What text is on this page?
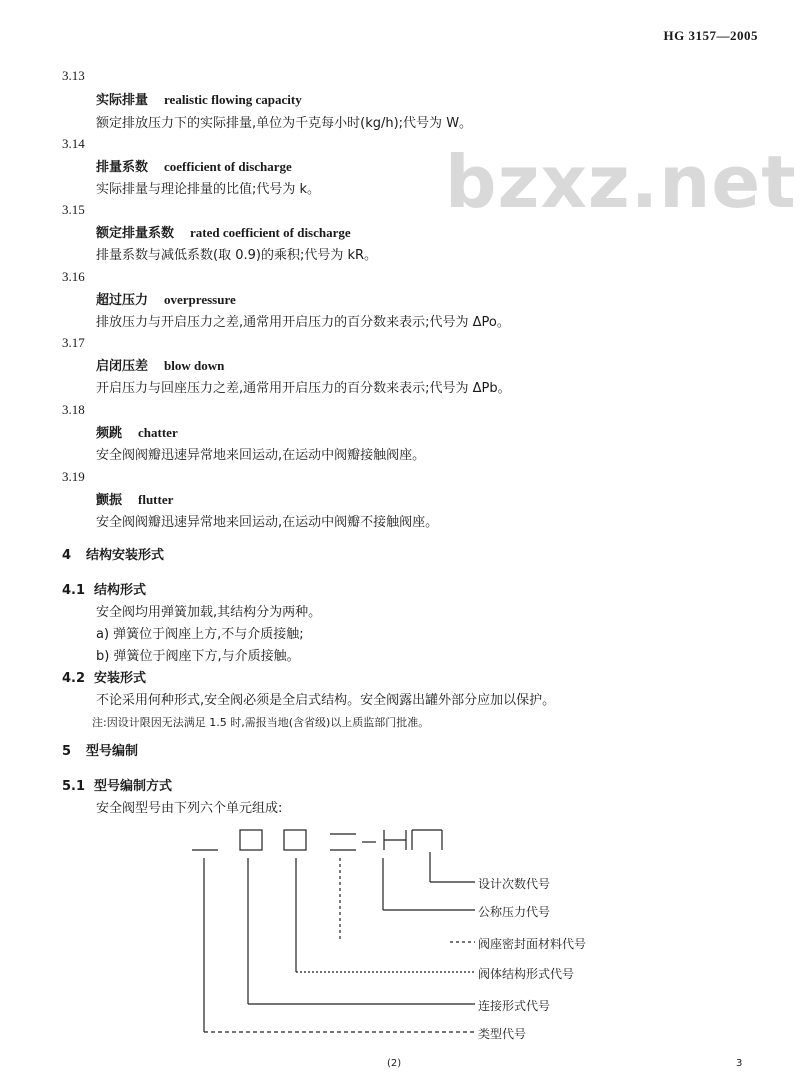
HG 3157—2005
bzxz.net
3.13
实际排量 realistic flowing capacity
额定排放压力下的实际排量,单位为千克每小时(kg/h);代号为 W。
3.14
排量系数 coefficient of discharge
实际排量与理论排量的比值;代号为 k。
3.15
额定排量系数 rated coefficient of discharge
排量系数与减低系数(取 0.9)的乘积;代号为 kR。
3.16
超过压力 overpressure
排放压力与开启压力之差,通常用开启压力的百分数来表示;代号为 ΔPo。
3.17
启闭压差 blow down
开启压力与回座压力之差,通常用开启压力的百分数来表示;代号为 ΔPb。
3.18
频跳 chatter
安全阀阀瓣迅速异常地来回运动,在运动中阀瓣接触阀座。
3.19
颤振 flutter
安全阀阀瓣迅速异常地来回运动,在运动中阀瓣不接触阀座。
4 结构安装形式
4.1 结构形式
安全阀均用弹簧加载,其结构分为两种。
a) 弹簧位于阀座上方,不与介质接触;
b) 弹簧位于阀座下方,与介质接触。
4.2 安装形式
不论采用何种形式,安全阀必须是全启式结构。安全阀露出罐外部分应加以保护。
注:因设计限因无法满足 1.5 时,需报当地(含省级)以上质监部门批准。
5 型号编制
5.1 型号编制方式
安全阀型号由下列六个单元组成:
设计次数代号
公称压力代号
阀座密封面材料代号
阀体结构形式代号
连接形式代号
类型代号
(2)	3
